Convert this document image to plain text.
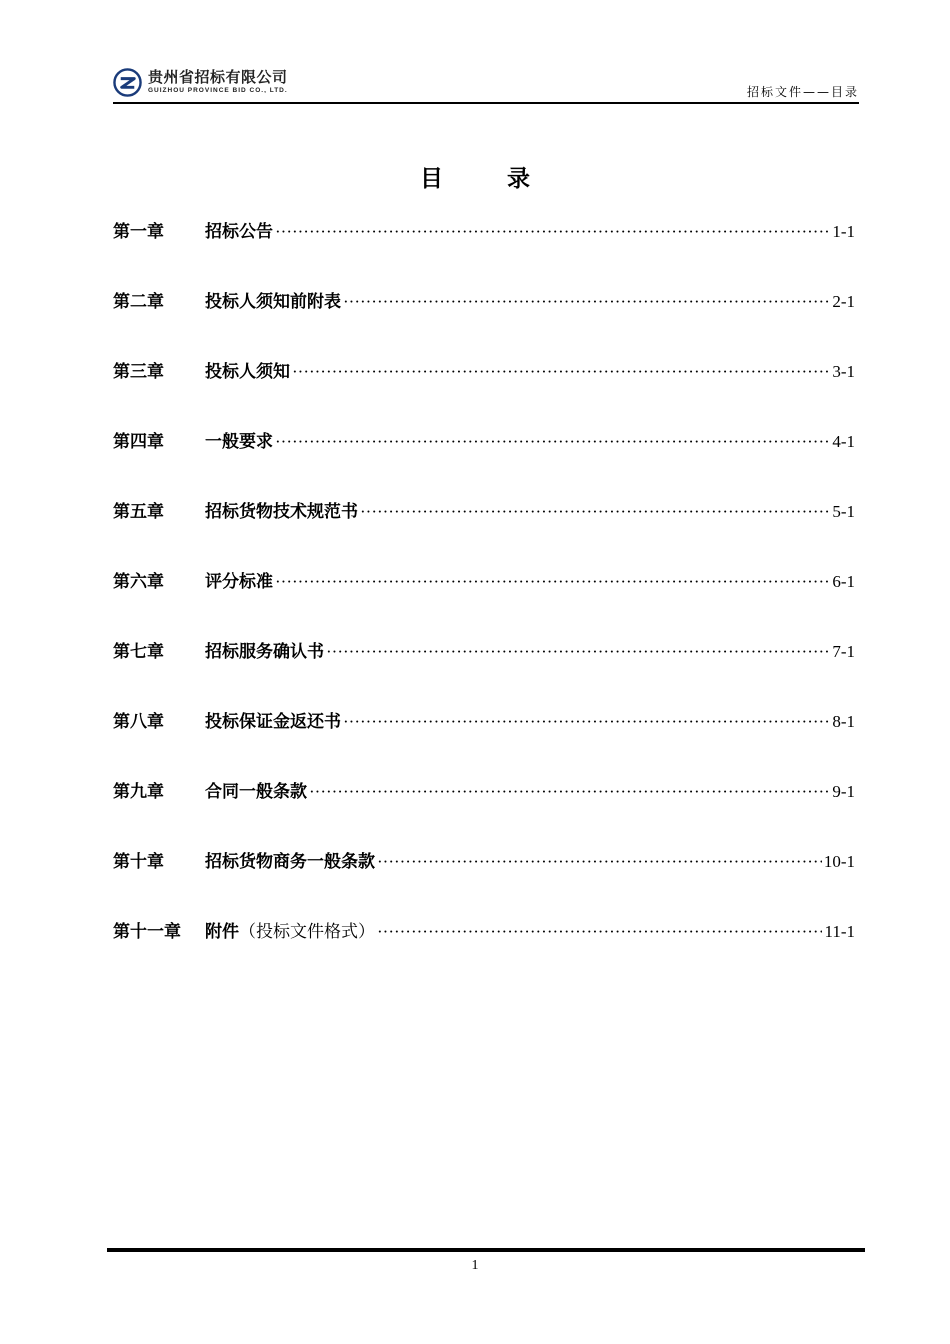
贵州省招标有限公司
GUIZHOU PROVINCE BID CO., LTD.	招标文件——目录
目 录
第一章	招标公告 ·····	1-1
第二章	投标人须知前附表 ·····	2-1
第三章	投标人须知 ·····	3-1
第四章	一般要求 ·····	4-1
第五章	招标货物技术规范书 ·····	5-1
第六章	评分标准 ·····	6-1
第七章	招标服务确认书 ·····	7-1
第八章	投标保证金返还书 ·····	8-1
第九章	合同一般条款 ·····	9-1
第十章	招标货物商务一般条款 ·····	10-1
第十一章	附件 （投标文件格式） ·····	11-1
1
